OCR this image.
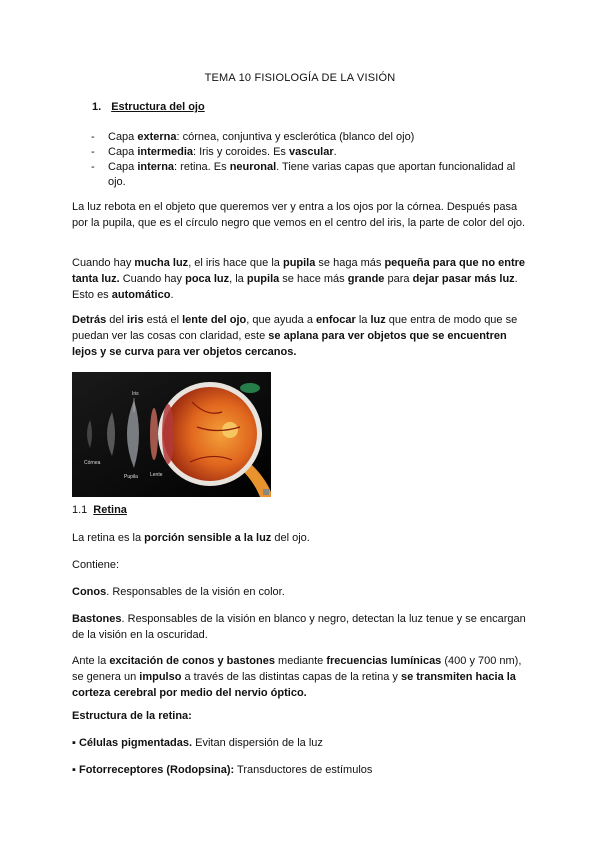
TEMA 10 FISIOLOGÍA DE LA VISIÓN
1. Estructura del ojo
- Capa externa: córnea, conjuntiva y esclerótica (blanco del ojo)
- Capa intermedia: Iris y coroides. Es vascular.
- Capa interna: retina. Es neuronal. Tiene varias capas que aportan funcionalidad al ojo.

La luz rebota en el objeto que queremos ver y entra a los ojos por la córnea. Después pasa por la pupila, que es el círculo negro que vemos en el centro del iris, la parte de color del ojo.

Cuando hay mucha luz, el iris hace que la pupila se haga más pequeña para que no entre tanta luz. Cuando hay poca luz, la pupila se hace más grande para dejar pasar más luz. Esto es automático.

Detrás del iris está el lente del ojo, que ayuda a enfocar la luz que entra de modo que se puedan ver las cosas con claridad, este se aplana para ver objetos que se encuentren lejos y se curva para ver objetos cercanos.

Iris
Córnea
Pupila Lente
1.1 Retina

La retina es la porción sensible a la luz del ojo.

Contiene:

Conos. Responsables de la visión en color.

Bastones. Responsables de la visión en blanco y negro, detectan la luz tenue y se encargan de la visión en la oscuridad.

Ante la excitación de conos y bastones mediante frecuencias lumínicas (400 y 700 nm), se genera un impulso a través de las distintas capas de la retina y se transmiten hacia la corteza cerebral por medio del nervio óptico.

Estructura de la retina:

▪ Células pigmentadas. Evitan dispersión de la luz

▪ Fotorreceptores (Rodopsina): Transductores de estímulos
